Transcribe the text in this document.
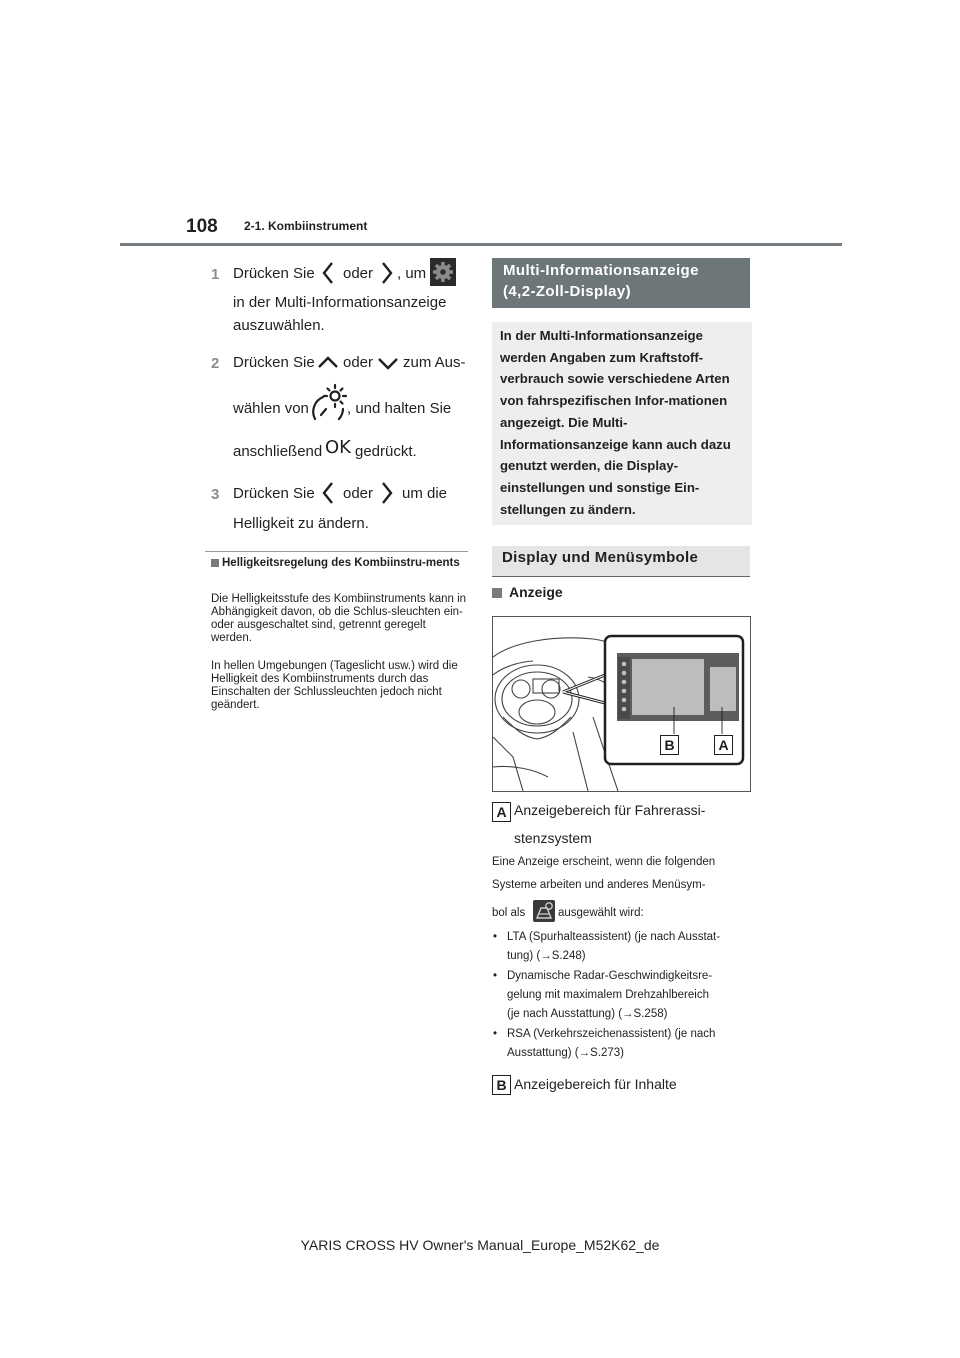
108 2-1. Kombiinstrument
1 Drücken Sie oder , um
in der Multi-Informationsanzeige
auszuwählen.
2 Drücken Sie oder zum Aus-
wählen von	, und halten Sie
anschließend OK gedrückt.
3 Drücken Sie oder um die
Helligkeit zu ändern.
Helligkeitsregelung des Kombiinstru-ments
Die Helligkeitsstufe des Kombiinstruments kann in Abhängigkeit davon, ob die Schlus-sleuchten ein- oder ausgeschaltet sind, getrennt geregelt werden.
In hellen Umgebungen (Tageslicht usw.) wird die Helligkeit des Kombiinstruments durch das Einschalten der Schlussleuchten jedoch nicht geändert.
Multi-Informationsanzeige
(4,2-Zoll-Display)
In der Multi-Informationsanzeige werden Angaben zum Kraftstoff-verbrauch sowie verschiedene Arten von fahrspezifischen Infor-mationen angezeigt. Die Multi-Informationsanzeige kann auch dazu genutzt werden, die Display-einstellungen und sonstige Ein-stellungen zu ändern.
Display und Menüsymbole
Anzeige
B	A
A Anzeigebereich für Fahrerassi-
stenzsystem
Eine Anzeige erscheint, wenn die folgenden
Systeme arbeiten und anderes Menüsym-
bol als	ausgewählt wird:
• LTA (Spurhalteassistent) (je nach Ausstat-
tung) (→S.248)
• Dynamische Radar-Geschwindigkeitsre-
gelung mit maximalem Drehzahlbereich
(je nach Ausstattung) (→S.258)
• RSA (Verkehrszeichenassistent) (je nach
Ausstattung) (→S.273)
B Anzeigebereich für Inhalte
YARIS CROSS HV Owner's Manual_Europe_M52K62_de
